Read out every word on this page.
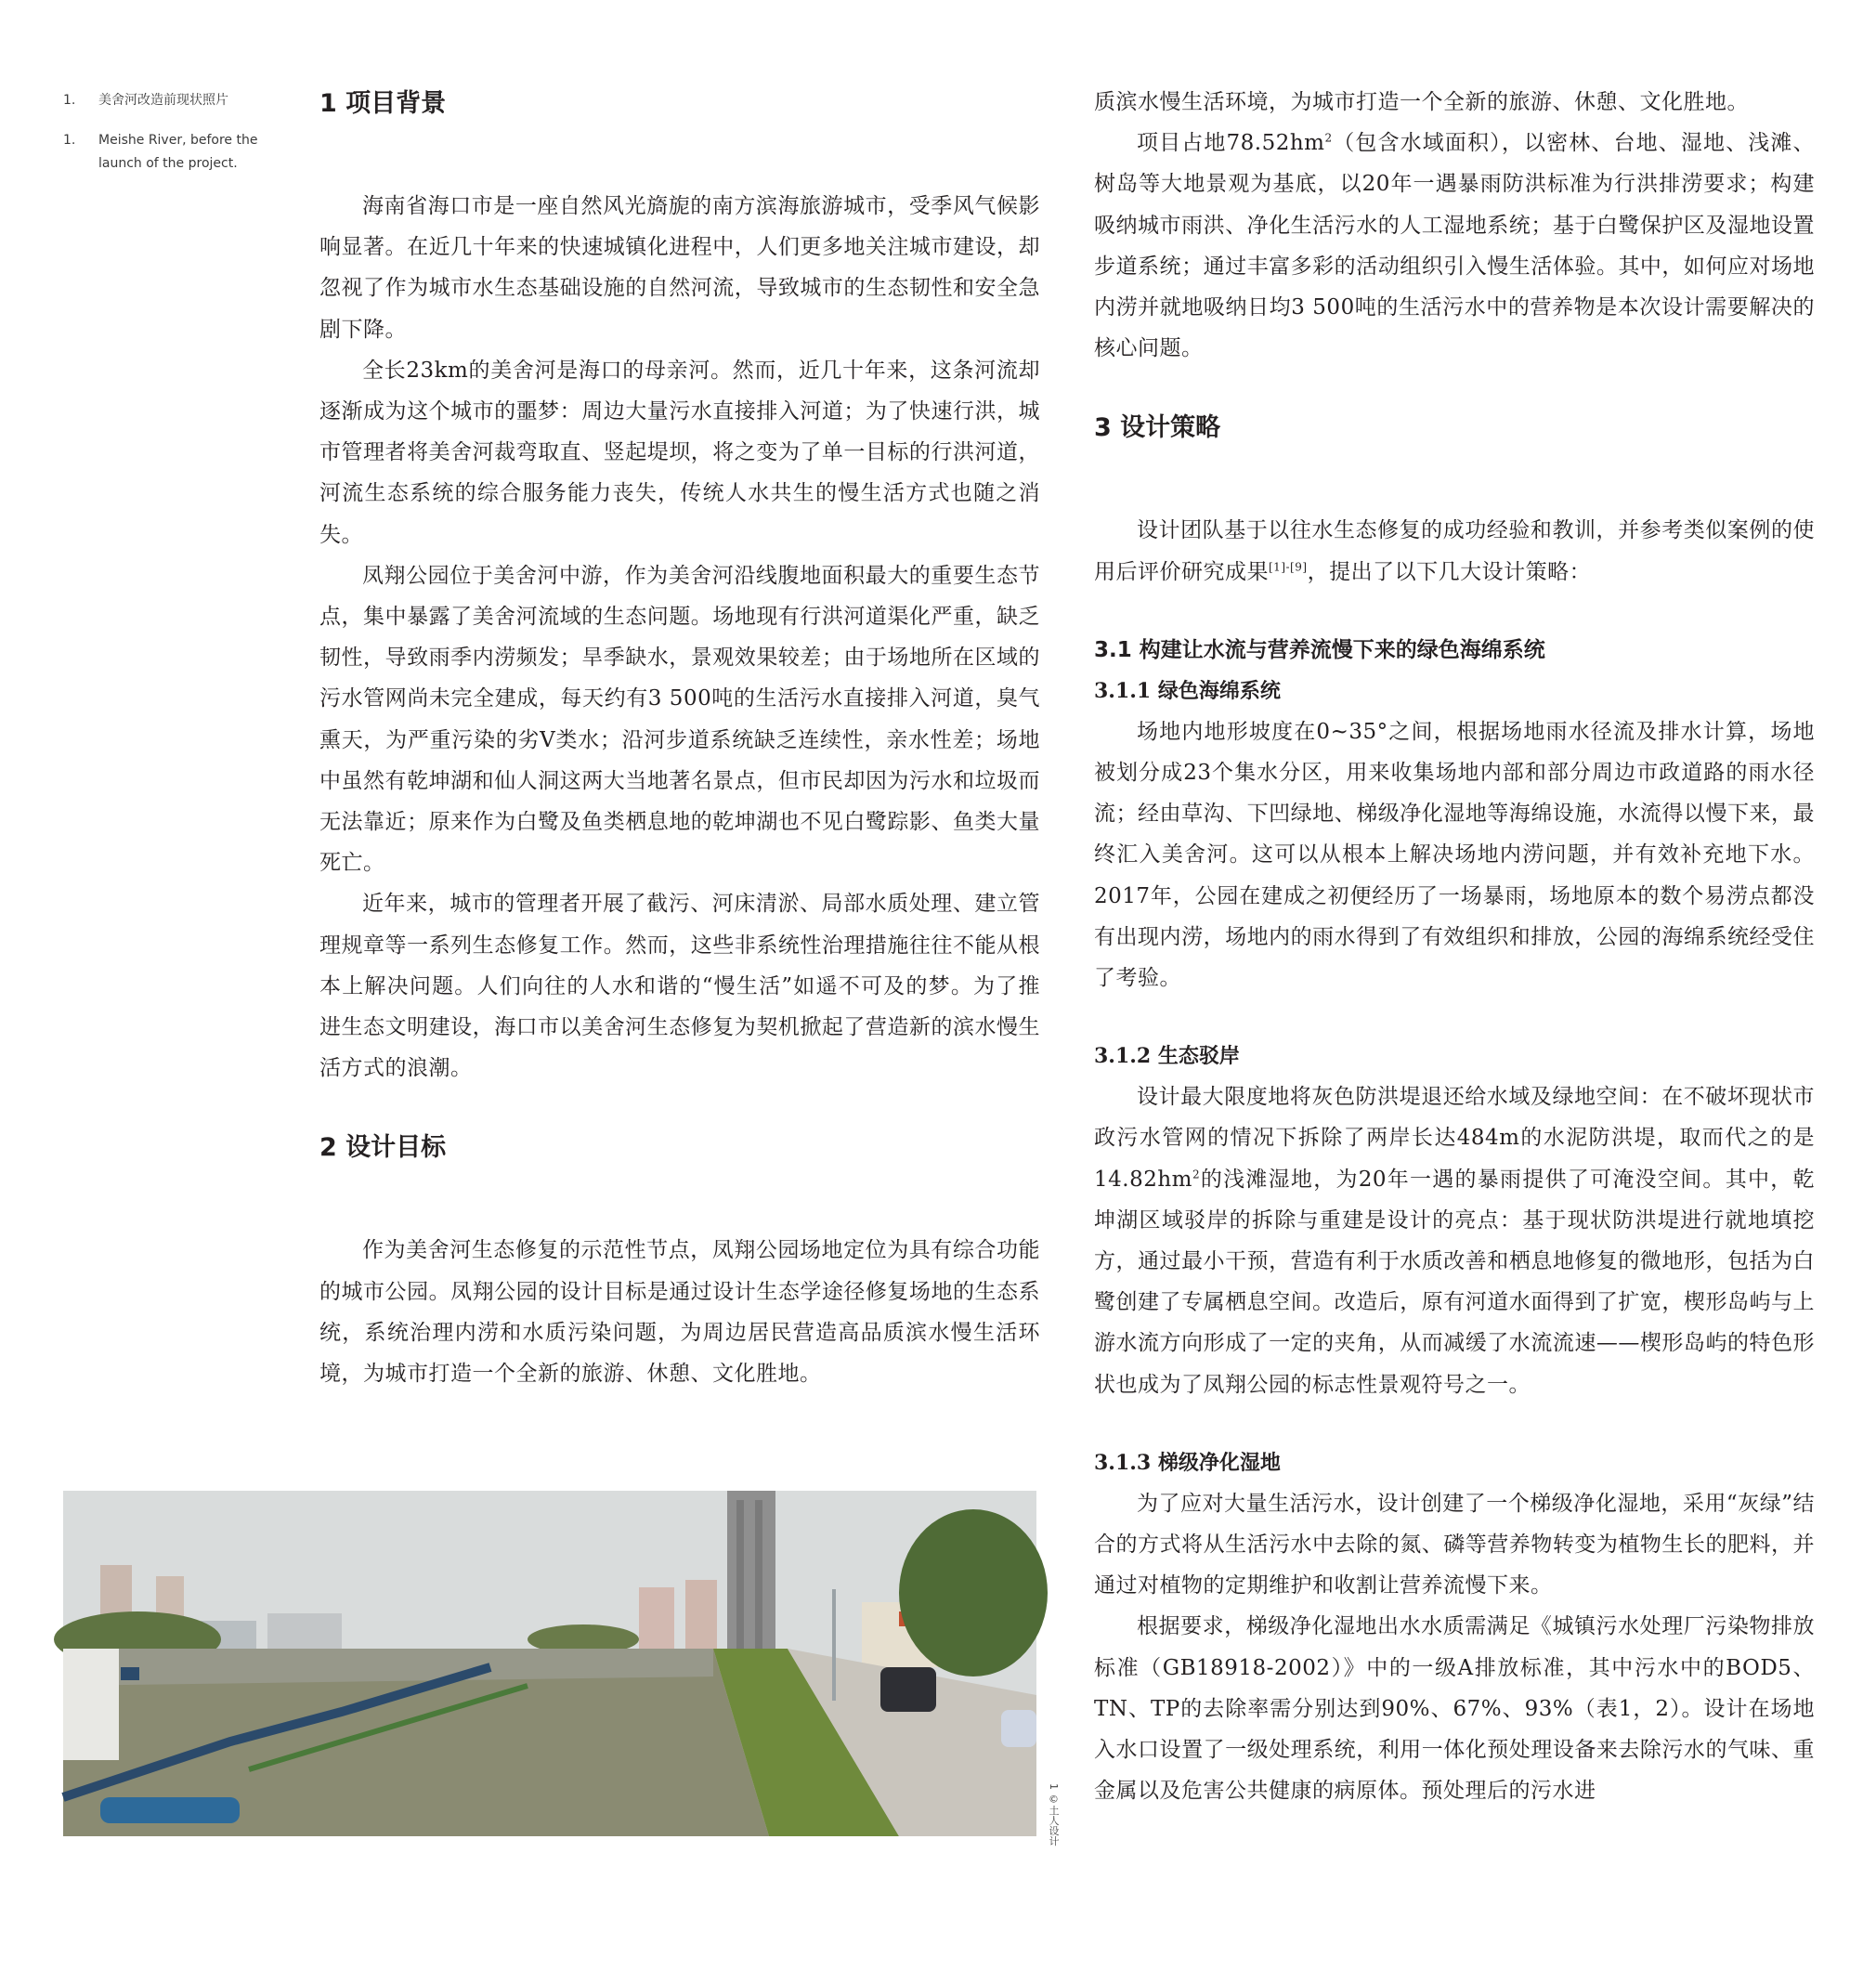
1.	美舍河改造前现状照片
1.	Meishe River, before the launch of the project.
1 项目背景

海南省海口市是一座自然风光旖旎的南方滨海旅游城市，受季风气候影响显著。在近几十年来的快速城镇化进程中，人们更多地关注城市建设，却忽视了作为城市水生态基础设施的自然河流，导致城市的生态韧性和安全急剧下降。

全长23km的美舍河是海口的母亲河。然而，近几十年来，这条河流却逐渐成为这个城市的噩梦：周边大量污水直接排入河道；为了快速行洪，城市管理者将美舍河裁弯取直、竖起堤坝，将之变为了单一目标的行洪河道，河流生态系统的综合服务能力丧失，传统人水共生的慢生活方式也随之消失。

凤翔公园位于美舍河中游，作为美舍河沿线腹地面积最大的重要生态节点，集中暴露了美舍河流域的生态问题。场地现有行洪河道渠化严重，缺乏韧性，导致雨季内涝频发；旱季缺水，景观效果较差；由于场地所在区域的污水管网尚未完全建成，每天约有3 500吨的生活污水直接排入河道，臭气熏天，为严重污染的劣Ⅴ类水；沿河步道系统缺乏连续性，亲水性差；场地中虽然有乾坤湖和仙人洞这两大当地著名景点，但市民却因为污水和垃圾而无法靠近；原来作为白鹭及鱼类栖息地的乾坤湖也不见白鹭踪影、鱼类大量死亡。

近年来，城市的管理者开展了截污、河床清淤、局部水质处理、建立管理规章等一系列生态修复工作。然而，这些非系统性治理措施往往不能从根本上解决问题。人们向往的人水和谐的“慢生活”如遥不可及的梦。为了推进生态文明建设，海口市以美舍河生态修复为契机掀起了营造新的滨水慢生活方式的浪潮。

2 设计目标

作为美舍河生态修复的示范性节点，凤翔公园场地定位为具有综合功能的城市公园。凤翔公园的设计目标是通过设计生态学途径修复场地的生态系统，系统治理内涝和水质污染问题，为周边居民营造高品质滨水慢生活环境，为城市打造一个全新的旅游、休憩、文化胜地。

质滨水慢生活环境，为城市打造一个全新的旅游、休憩、文化胜地。

项目占地$78.52hm^2$（包含水域面积），以密林、台地、湿地、浅滩、树岛等大地景观为基底，以20年一遇暴雨防洪标准为行洪排涝要求；构建吸纳城市雨洪、净化生活污水的人工湿地系统；基于白鹭保护区及湿地设置步道系统；通过丰富多彩的活动组织引入慢生活体验。其中，如何应对场地内涝并就地吸纳日均3 500吨的生活污水中的营养物是本次设计需要解决的核心问题。

3 设计策略

设计团队基于以往水生态修复的成功经验和教训，并参考类似案例的使用后评价研究成果[1]-[9]，提出了以下几大设计策略：

3.1 构建让水流与营养流慢下来的绿色海绵系统
3.1.1 绿色海绵系统

场地内地形坡度在0~35°之间，根据场地雨水径流及排水计算，场地被划分成23个集水分区，用来收集场地内部和部分周边市政道路的雨水径流；经由草沟、下凹绿地、梯级净化湿地等海绵设施，水流得以慢下来，最终汇入美舍河。这可以从根本上解决场地内涝问题，并有效补充地下水。2017年，公园在建成之初便经历了一场暴雨，场地原本的数个易涝点都没有出现内涝，场地内的雨水得到了有效组织和排放，公园的海绵系统经受住了考验。

3.1.2 生态驳岸

设计最大限度地将灰色防洪堤退还给水域及绿地空间：在不破坏现状市政污水管网的情况下拆除了两岸长达484m的水泥防洪堤，取而代之的是$14.82hm^2$的浅滩湿地，为20年一遇的暴雨提供了可淹没空间。其中，乾坤湖区域驳岸的拆除与重建是设计的亮点：基于现状防洪堤进行就地填挖方，通过最小干预，营造有利于水质改善和栖息地修复的微地形，包括为白鹭创建了专属栖息空间。改造后，原有河道水面得到了扩宽，楔形岛屿与上游水流方向形成了一定的夹角，从而减缓了水流流速——楔形岛屿的特色形状也成为了凤翔公园的标志性景观符号之一。

3.1.3 梯级净化湿地

为了应对大量生活污水，设计创建了一个梯级净化湿地，采用“灰绿”结合的方式将从生活污水中去除的氮、磷等营养物转变为植物生长的肥料，并通过对植物的定期维护和收割让营养流慢下来。

根据要求，梯级净化湿地出水水质需满足《城镇污水处理厂污染物排放标准（GB18918-2002）》中的一级A排放标准，其中污水中的BOD5、TN、TP的去除率需分别达到90%、67%、93%（表1，2）。设计在场地入水口设置了一级处理系统，利用一体化预处理设备来去除污水的气味、重金属以及危害公共健康的病原体。预处理后的污水进

1 ©土人设计
